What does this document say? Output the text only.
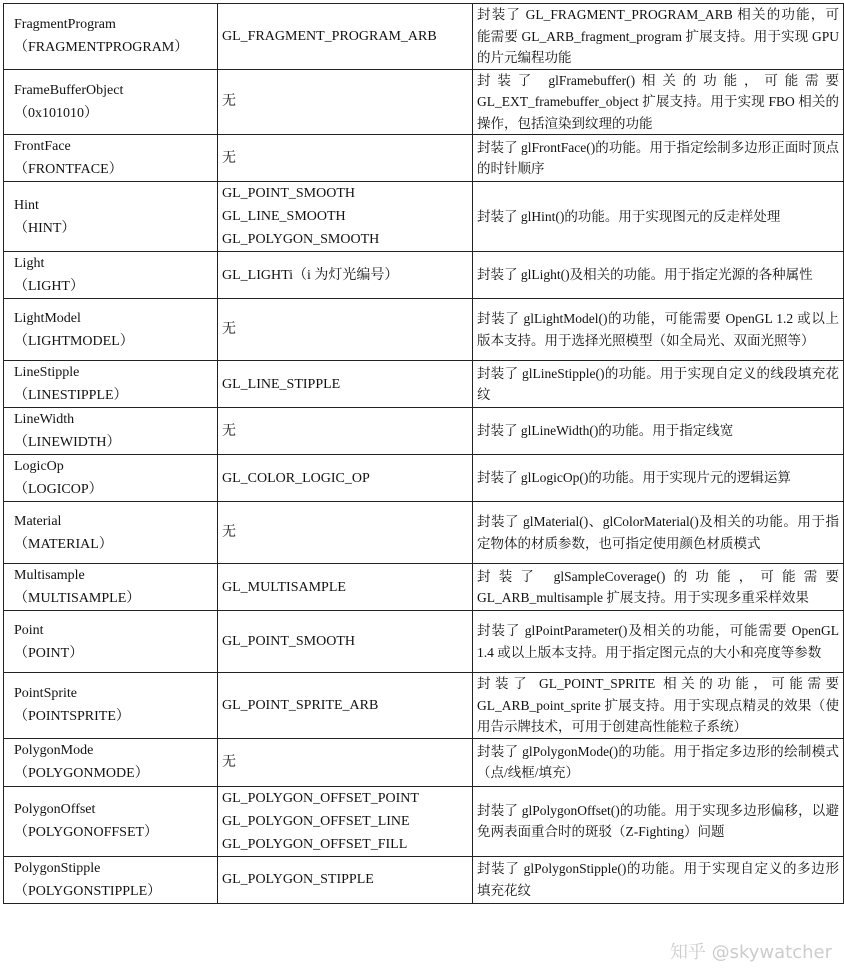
FragmentProgram
（FRAGMENTPROGRAM）	GL_FRAGMENT_PROGRAM_ARB	封装了 GL_FRAGMENT_PROGRAM_ARB 相关的功能，可能需要 GL_ARB_fragment_program 扩展支持。用于实现 GPU 的片元编程功能

FrameBufferObject
（0x101010）	无	封装了 glFramebuffer()相关的功能，可能需要 GL_EXT_framebuffer_object 扩展支持。用于实现 FBO 相关的操作，包括渲染到纹理的功能

FrontFace
（FRONTFACE）	无	封装了 glFrontFace()的功能。用于指定绘制多边形正面时顶点的时针顺序

Hint
（HINT）	GL_POINT_SMOOTH
GL_LINE_SMOOTH
GL_POLYGON_SMOOTH	封装了 glHint()的功能。用于实现图元的反走样处理

Light
（LIGHT）	GL_LIGHTi（i 为灯光编号）	封装了 glLight()及相关的功能。用于指定光源的各种属性

LightModel
（LIGHTMODEL）	无	封装了 glLightModel()的功能，可能需要 OpenGL 1.2 或以上版本支持。用于选择光照模型（如全局光、双面光照等）

LineStipple
（LINESTIPPLE）	GL_LINE_STIPPLE	封装了 glLineStipple()的功能。用于实现自定义的线段填充花纹

LineWidth
（LINEWIDTH）	无	封装了 glLineWidth()的功能。用于指定线宽

LogicOp
（LOGICOP）	GL_COLOR_LOGIC_OP	封装了 glLogicOp()的功能。用于实现片元的逻辑运算

Material
（MATERIAL）	无	封装了 glMaterial()、glColorMaterial()及相关的功能。用于指定物体的材质参数，也可指定使用颜色材质模式

Multisample
（MULTISAMPLE）	GL_MULTISAMPLE	封装了 glSampleCoverage()的功能，可能需要 GL_ARB_multisample 扩展支持。用于实现多重采样效果

Point
（POINT）	GL_POINT_SMOOTH	封装了 glPointParameter()及相关的功能，可能需要 OpenGL 1.4 或以上版本支持。用于指定图元点的大小和亮度等参数

PointSprite
（POINTSPRITE）	GL_POINT_SPRITE_ARB	封装了 GL_POINT_SPRITE 相关的功能，可能需要 GL_ARB_point_sprite 扩展支持。用于实现点精灵的效果（使用告示牌技术，可用于创建高性能粒子系统）

PolygonMode
（POLYGONMODE）	无	封装了 glPolygonMode()的功能。用于指定多边形的绘制模式（点/线框/填充）

PolygonOffset
（POLYGONOFFSET）	GL_POLYGON_OFFSET_POINT
GL_POLYGON_OFFSET_LINE
GL_POLYGON_OFFSET_FILL	封装了 glPolygonOffset()的功能。用于实现多边形偏移，以避免两表面重合时的斑驳（Z-Fighting）问题

PolygonStipple
（POLYGONSTIPPLE）	GL_POLYGON_STIPPLE	封装了 glPolygonStipple()的功能。用于实现自定义的多边形填充花纹
知乎 @skywatcher
